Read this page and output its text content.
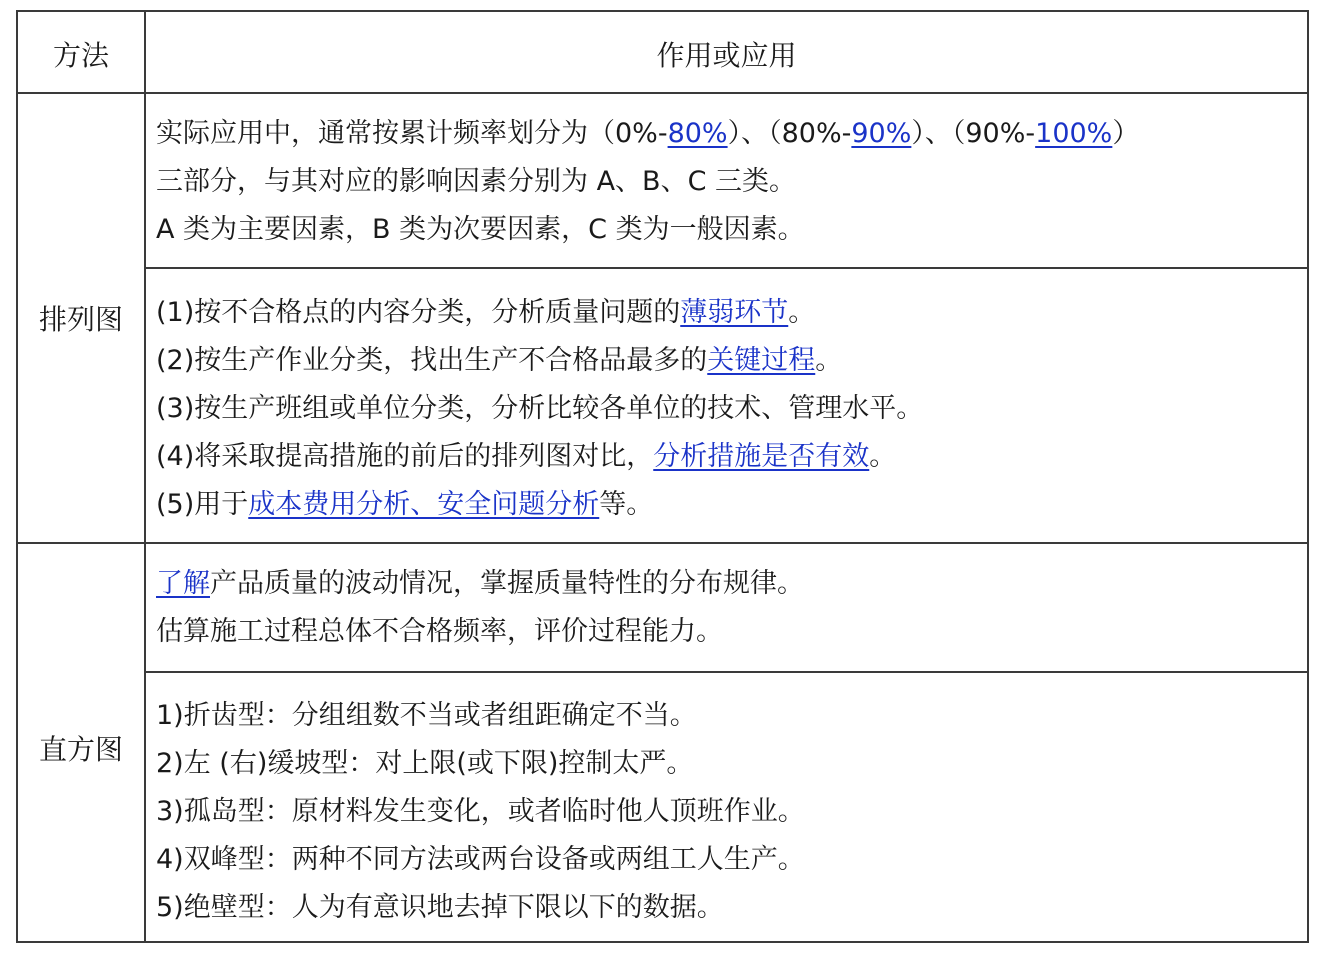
方法	作用或应用
排列图
直方图
实际应用中，通常按累计频率划分为（0%-80%）、（80%-90%）、（90%-100%）
三部分，与其对应的影响因素分别为 A、B、C 三类。
A 类为主要因素，B 类为次要因素，C 类为一般因素。
(1)按不合格点的内容分类，分析质量问题的薄弱环节。
(2)按生产作业分类，找出生产不合格品最多的关键过程。
(3)按生产班组或单位分类，分析比较各单位的技术、管理水平。
(4)将采取提高措施的前后的排列图对比，分析措施是否有效。
(5)用于成本费用分析、安全问题分析等。
了解产品质量的波动情况，掌握质量特性的分布规律。
估算施工过程总体不合格频率，评价过程能力。
1)折齿型：分组组数不当或者组距确定不当。
2)左 (右)缓坡型：对上限(或下限)控制太严。
3)孤岛型：原材料发生变化，或者临时他人顶班作业。
4)双峰型：两种不同方法或两台设备或两组工人生产。
5)绝壁型：人为有意识地去掉下限以下的数据。
